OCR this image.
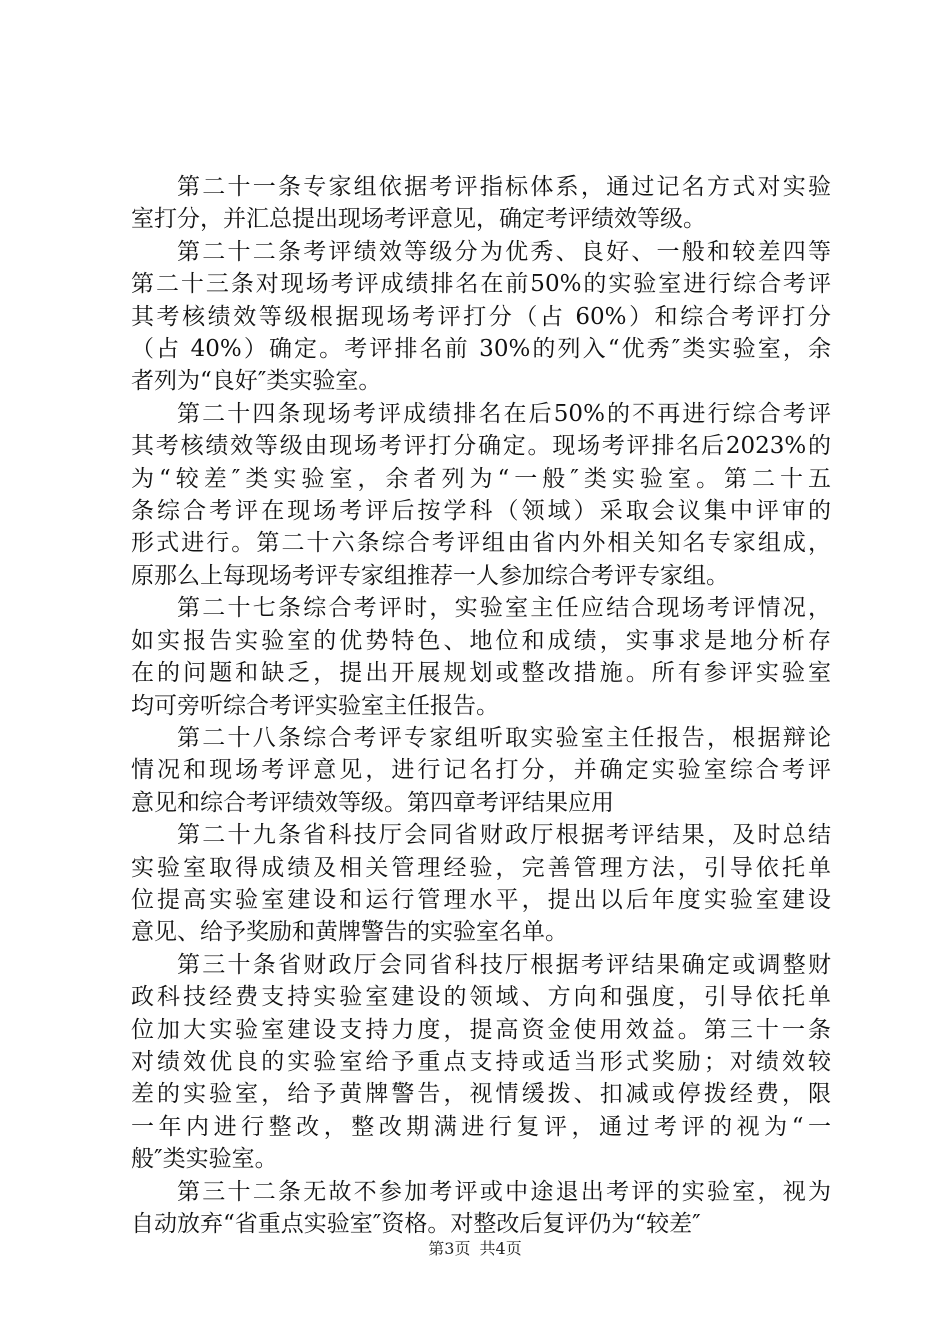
第二十一条专家组依据考评指标体系，通过记名方式对实验
室打分，并汇总提出现场考评意见，确定考评绩效等级。

第二十二条考评绩效等级分为优秀、良好、一般和较差四等
第二十三条对现场考评成绩排名在前50%的实验室进行综合考评
其考核绩效等级根据现场考评打分（占 60%）和综合考评打分
（占 40%）确定。考评排名前 30%的列入“优秀″类实验室，余
者列为“良好″类实验室。

第二十四条现场考评成绩排名在后50%的不再进行综合考评
其考核绩效等级由现场考评打分确定。现场考评排名后2023%的
为“较差″类实验室，余者列为“一般″类实验室。第二十五
条综合考评在现场考评后按学科（领域）采取会议集中评审的
形式进行。第二十六条综合考评组由省内外相关知名专家组成，
原那么上每现场考评专家组推荐一人参加综合考评专家组。

第二十七条综合考评时，实验室主任应结合现场考评情况，
如实报告实验室的优势特色、地位和成绩，实事求是地分析存
在的问题和缺乏，提出开展规划或整改措施。所有参评实验室
均可旁听综合考评实验室主任报告。

第二十八条综合考评专家组听取实验室主任报告，根据辩论
情况和现场考评意见，进行记名打分，并确定实验室综合考评
意见和综合考评绩效等级。第四章考评结果应用

第二十九条省科技厅会同省财政厅根据考评结果，及时总结
实验室取得成绩及相关管理经验，完善管理方法，引导依托单
位提高实验室建设和运行管理水平，提出以后年度实验室建设
意见、给予奖励和黄牌警告的实验室名单。

第三十条省财政厅会同省科技厅根据考评结果确定或调整财
政科技经费支持实验室建设的领域、方向和强度，引导依托单
位加大实验室建设支持力度，提高资金使用效益。第三十一条
对绩效优良的实验室给予重点支持或适当形式奖励；对绩效较
差的实验室，给予黄牌警告，视情缓拨、扣减或停拨经费，限
一年内进行整改，整改期满进行复评，通过考评的视为“一
般″类实验室。

第三十二条无故不参加考评或中途退出考评的实验室，视为
自动放弃“省重点实验室″资格。对整改后复评仍为“较差″

第3页 共4页
